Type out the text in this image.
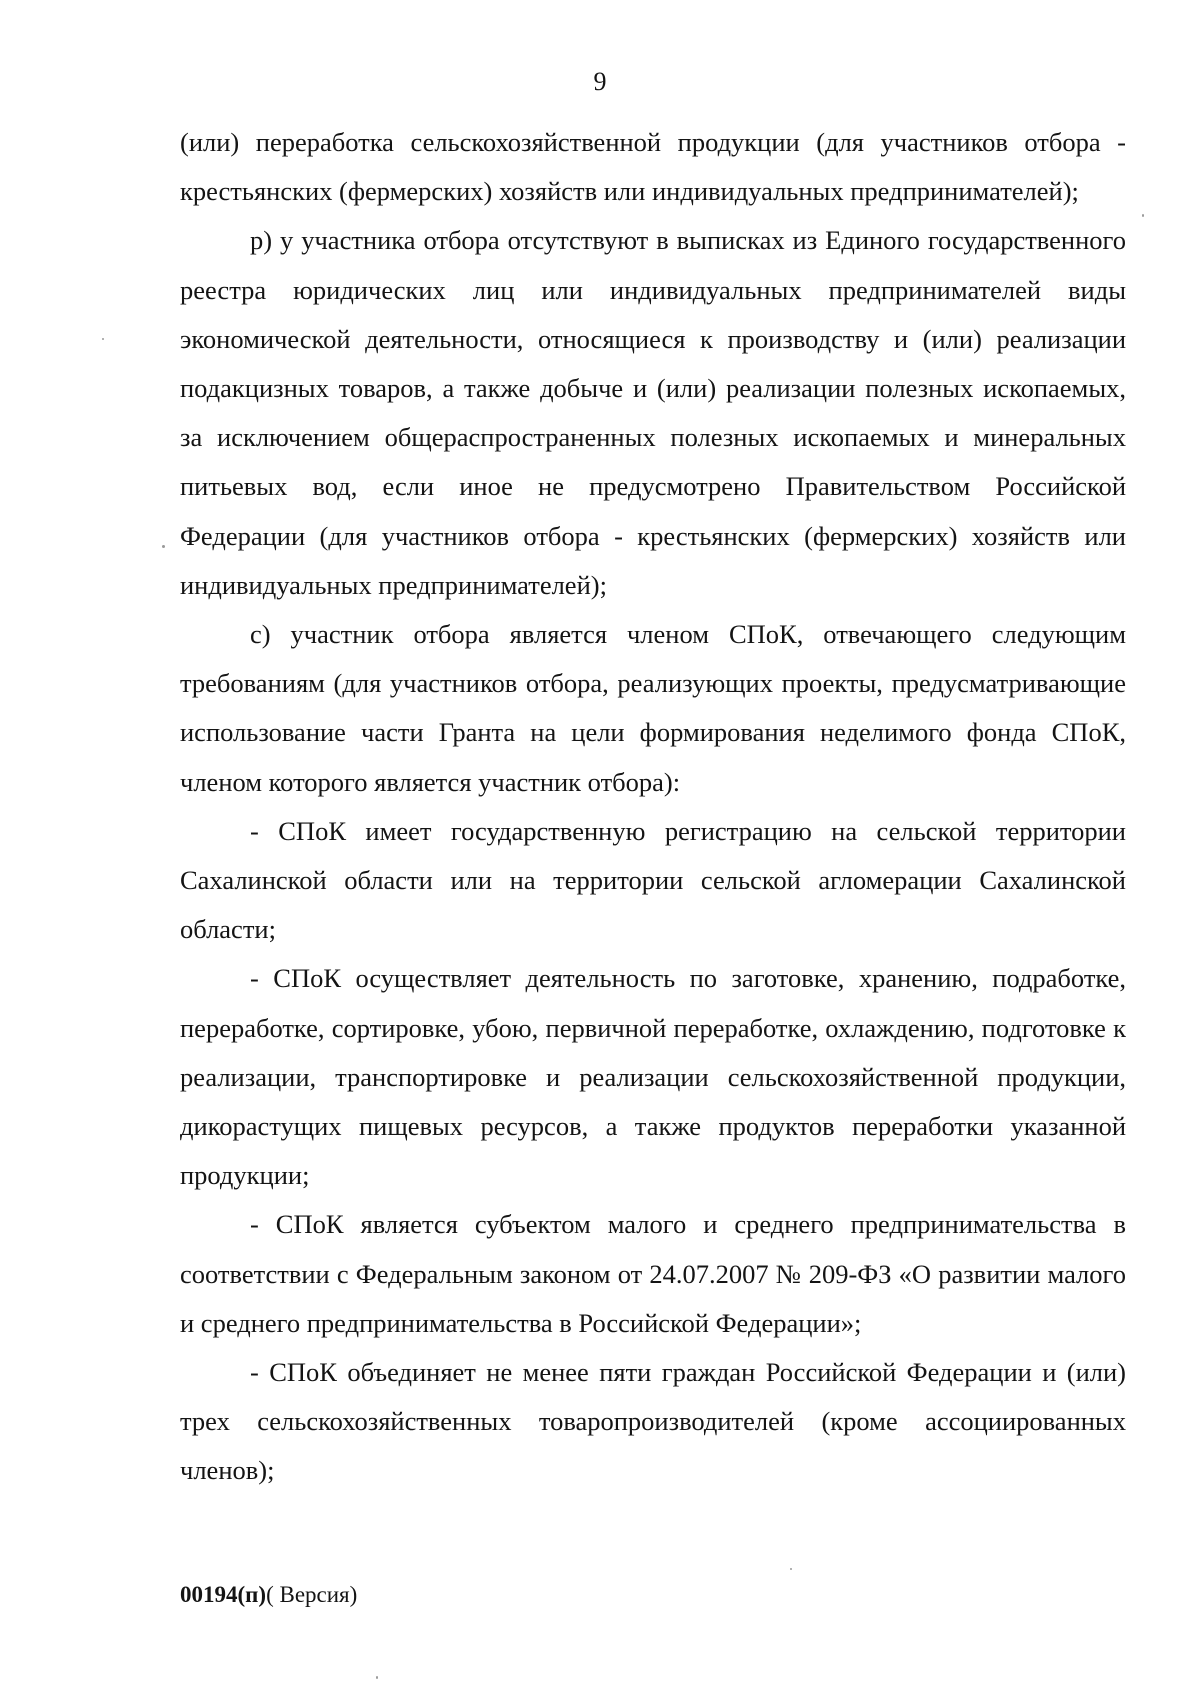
9

(или) переработка сельскохозяйственной продукции (для участников отбора - крестьянских (фермерских) хозяйств или индивидуальных предпринимателей);

р) у участника отбора отсутствуют в выписках из Единого государственного реестра юридических лиц или индивидуальных предпринимателей виды экономической деятельности, относящиеся к производству и (или) реализации подакцизных товаров, а также добыче и (или) реализации полезных ископаемых, за исключением общераспространенных полезных ископаемых и минеральных питьевых вод, если иное не предусмотрено Правительством Российской Федерации (для участников отбора - крестьянских (фермерских) хозяйств или индивидуальных предпринимателей);

с) участник отбора является членом СПоК, отвечающего следующим требованиям (для участников отбора, реализующих проекты, предусматривающие использование части Гранта на цели формирования неделимого фонда СПоК, членом которого является участник отбора):

- СПоК имеет государственную регистрацию на сельской территории Сахалинской области или на территории сельской агломерации Сахалинской области;

- СПоК осуществляет деятельность по заготовке, хранению, подработке, переработке, сортировке, убою, первичной переработке, охлаждению, подготовке к реализации, транспортировке и реализации сельскохозяйственной продукции, дикорастущих пищевых ресурсов, а также продуктов переработки указанной продукции;

- СПоК является субъектом малого и среднего предпринимательства в соответствии с Федеральным законом от 24.07.2007 № 209-ФЗ «О развитии малого и среднего предпринимательства в Российской Федерации»;

- СПоК объединяет не менее пяти граждан Российской Федерации и (или) трех сельскохозяйственных товаропроизводителей (кроме ассоциированных членов);

00194(п)( Версия)
